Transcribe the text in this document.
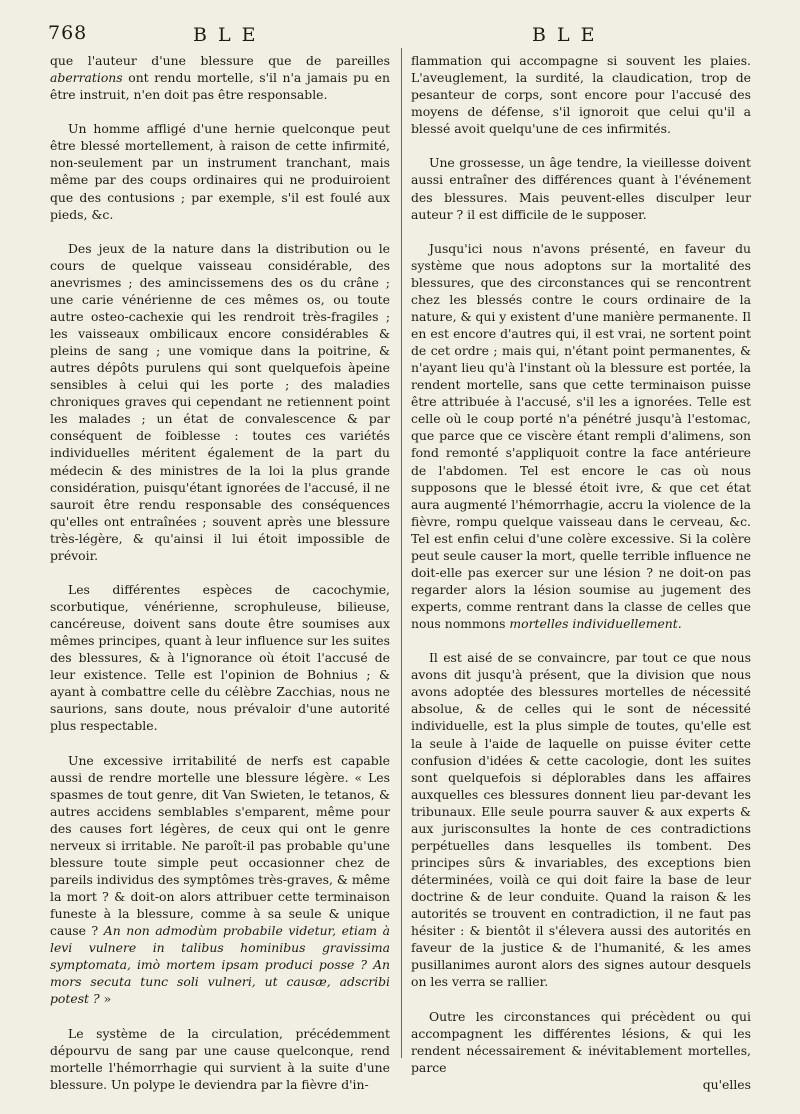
768	BLE	BLE

que l'auteur d'une blessure que de pareilles aberrations ont rendu mortelle, s'il n'a jamais pu en être instruit, n'en doit pas être responsable.

Un homme affligé d'une hernie quelconque peut être blessé mortellement, à raison de cette infirmité, non-seulement par un instrument tranchant, mais même par des coups ordinaires qui ne produiroient que des contusions ; par exemple, s'il est foulé aux pieds, &c.

Des jeux de la nature dans la distribution ou le cours de quelque vaisseau considérable, des anevrismes ; des amincissemens des os du crâne ; une carie vénérienne de ces mêmes os, ou toute autre osteo-cachexie qui les rendroit très-fragiles ; les vaisseaux ombilicaux encore considérables & pleins de sang ; une vomique dans la poitrine, & autres dépôts purulens qui sont quelquefois àpeine sensibles à celui qui les porte ; des maladies chroniques graves qui cependant ne retiennent point les malades ; un état de convalescence & par conséquent de foiblesse : toutes ces variétés individuelles méritent également de la part du médecin & des ministres de la loi la plus grande considération, puisqu'étant ignorées de l'accusé, il ne sauroit être rendu responsable des conséquences qu'elles ont entraînées ; souvent après une blessure très-légère, & qu'ainsi il lui étoit impossible de prévoir.

Les différentes espèces de cacochymie, scorbutique, vénérienne, scrophuleuse, bilieuse, cancéreuse, doivent sans doute être soumises aux mêmes principes, quant à leur influence sur les suites des blessures, & à l'ignorance où étoit l'accusé de leur existence. Telle est l'opinion de Bohnius ; & ayant à combattre celle du célèbre Zacchias, nous ne saurions, sans doute, nous prévaloir d'une autorité plus respectable.

Une excessive irritabilité de nerfs est capable aussi de rendre mortelle une blessure légère. « Les spasmes de tout genre, dit Van Swieten, le tetanos, & autres accidens semblables s'emparent, même pour des causes fort légères, de ceux qui ont le genre nerveux si irritable. Ne paroît-il pas probable qu'une blessure toute simple peut occasionner chez de pareils individus des symptômes très-graves, & même la mort ? & doit-on alors attribuer cette terminaison funeste à la blessure, comme à sa seule & unique cause ? An non admodùm probabile videtur, etiam à levi vulnere in talibus hominibus gravissima symptomata, imò mortem ipsam produci posse ? An mors secuta tunc soli vulneri, ut causæ, adscribi potest ? »

Le système de la circulation, précédemment dépourvu de sang par une cause quelconque, rend mortelle l'hémorrhagie qui survient à la suite d'une blessure. Un polype le deviendra par la fièvre d'in-

flammation qui accompagne si souvent les plaies. L'aveuglement, la surdité, la claudication, trop de pesanteur de corps, sont encore pour l'accusé des moyens de défense, s'il ignoroit que celui qu'il a blessé avoit quelqu'une de ces infirmités.

Une grossesse, un âge tendre, la vieillesse doivent aussi entraîner des différences quant à l'événement des blessures. Mais peuvent-elles disculper leur auteur ? il est difficile de le supposer.

Jusqu'ici nous n'avons présenté, en faveur du système que nous adoptons sur la mortalité des blessures, que des circonstances qui se rencontrent chez les blessés contre le cours ordinaire de la nature, & qui y existent d'une manière permanente. Il en est encore d'autres qui, il est vrai, ne sortent point de cet ordre ; mais qui, n'étant point permanentes, & n'ayant lieu qu'à l'instant où la blessure est portée, la rendent mortelle, sans que cette terminaison puisse être attribuée à l'accusé, s'il les a ignorées. Telle est celle où le coup porté n'a pénétré jusqu'à l'estomac, que parce que ce viscère étant rempli d'alimens, son fond remonté s'appliquoit contre la face antérieure de l'abdomen. Tel est encore le cas où nous supposons que le blessé étoit ivre, & que cet état aura augmenté l'hémorrhagie, accru la violence de la fièvre, rompu quelque vaisseau dans le cerveau, &c. Tel est enfin celui d'une colère excessive. Si la colère peut seule causer la mort, quelle terrible influence ne doit-elle pas exercer sur une lésion ? ne doit-on pas regarder alors la lésion soumise au jugement des experts, comme rentrant dans la classe de celles que nous nommons mortelles individuellement.

Il est aisé de se convaincre, par tout ce que nous avons dit jusqu'à présent, que la division que nous avons adoptée des blessures mortelles de nécessité absolue, & de celles qui le sont de nécessité individuelle, est la plus simple de toutes, qu'elle est la seule à l'aide de laquelle on puisse éviter cette confusion d'idées & cette cacologie, dont les suites sont quelquefois si déplorables dans les affaires auxquelles ces blessures donnent lieu par-devant les tribunaux. Elle seule pourra sauver & aux experts & aux jurisconsultes la honte de ces contradictions perpétuelles dans lesquelles ils tombent. Des principes sûrs & invariables, des exceptions bien déterminées, voilà ce qui doit faire la base de leur doctrine & de leur conduite. Quand la raison & les autorités se trouvent en contradiction, il ne faut pas hésiter : & bientôt il s'élevera aussi des autorités en faveur de la justice & de l'humanité, & les ames pusillanimes auront alors des signes autour desquels on les verra se rallier.

Outre les circonstances qui précèdent ou qui accompagnent les différentes lésions, & qui les rendent nécessairement & inévitablement mortelles, parce

qu'elles
